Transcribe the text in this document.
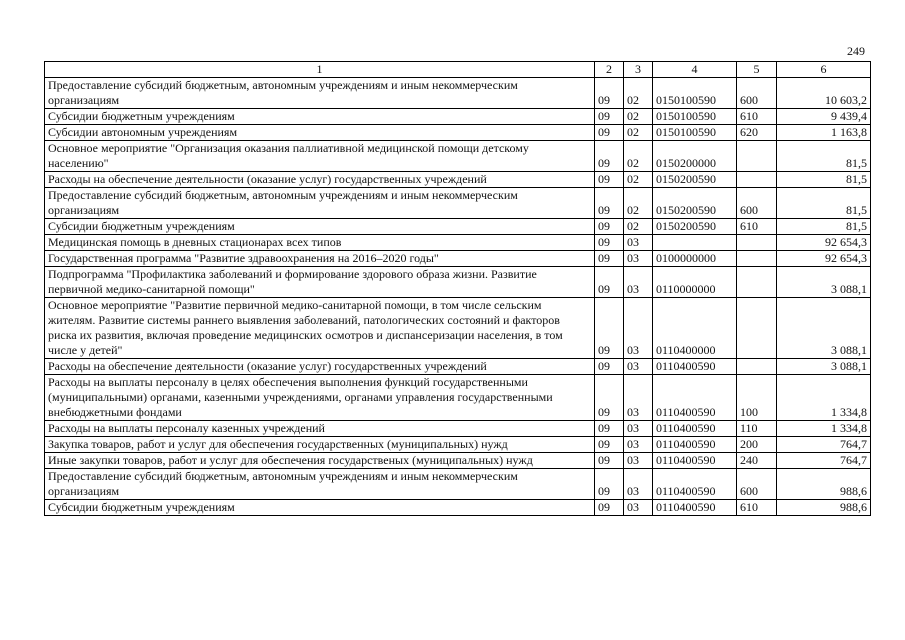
249
1	2	3	4	5	6
Предоставление субсидий бюджетным, автономным учреждениям и иным некоммерческим организациям	09	02	0150100590	600	10 603,2
Субсидии бюджетным учреждениям	09	02	0150100590	610	9 439,4
Субсидии автономным учреждениям	09	02	0150100590	620	1 163,8
Основное мероприятие "Организация оказания паллиативной медицинской помощи детскому населению"	09	02	0150200000		81,5
Расходы на обеспечение деятельности (оказание услуг) государственных учреждений	09	02	0150200590		81,5
Предоставление субсидий бюджетным, автономным учреждениям и иным некоммерческим организациям	09	02	0150200590	600	81,5
Субсидии бюджетным учреждениям	09	02	0150200590	610	81,5
Медицинская помощь в дневных стационарах всех типов	09	03			92 654,3
Государственная программа "Развитие здравоохранения на 2016–2020 годы"	09	03	0100000000		92 654,3
Подпрограмма "Профилактика заболеваний и формирование здорового образа жизни. Развитие первичной медико-санитарной помощи"	09	03	0110000000		3 088,1
Основное мероприятие "Развитие первичной медико-санитарной помощи, в том числе сельским жителям. Развитие системы раннего выявления заболеваний, патологических состояний и факторов риска их развития, включая проведение медицинских осмотров и диспансеризации населения, в том числе у детей"	09	03	0110400000		3 088,1
Расходы на обеспечение деятельности (оказание услуг) государственных учреждений	09	03	0110400590		3 088,1
Расходы на выплаты персоналу в целях обеспечения выполнения функций государственными (муниципальными) органами, казенными учреждениями, органами управления государственными внебюджетными фондами	09	03	0110400590	100	1 334,8
Расходы на выплаты персоналу казенных учреждений	09	03	0110400590	110	1 334,8
Закупка товаров, работ и услуг для обеспечения государственных (муниципальных) нужд	09	03	0110400590	200	764,7
Иные закупки товаров, работ и услуг для обеспечения государственых (муниципальных) нужд	09	03	0110400590	240	764,7
Предоставление субсидий бюджетным, автономным учреждениям и иным некоммерческим организациям	09	03	0110400590	600	988,6
Субсидии бюджетным учреждениям	09	03	0110400590	610	988,6
